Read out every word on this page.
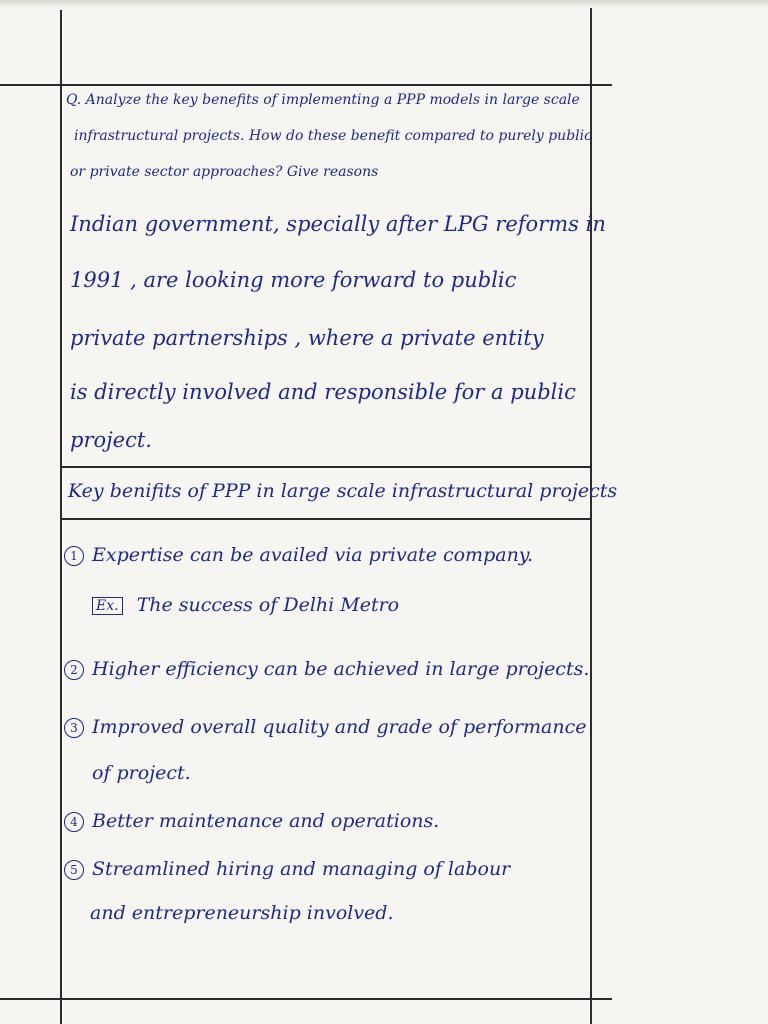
Q. Analyze the key benefits of implementing a PPP models in large scale
infrastructural projects. How do these benefit compared to purely public
or private sector approaches? Give reasons
Indian government, specially after LPG reforms in
1991 , are looking more forward to public
private partnerships , where a private entity
is directly involved and responsible for a public
project.
Key benifits of PPP in large scale infrastructural projects
1 Expertise can be availed via private company.
Ex. The success of Delhi Metro
2 Higher efficiency can be achieved in large projects.
3 Improved overall quality and grade of performance
of project.
4 Better maintenance and operations.
5 Streamlined hiring and managing of labour
and entrepreneurship involved.
